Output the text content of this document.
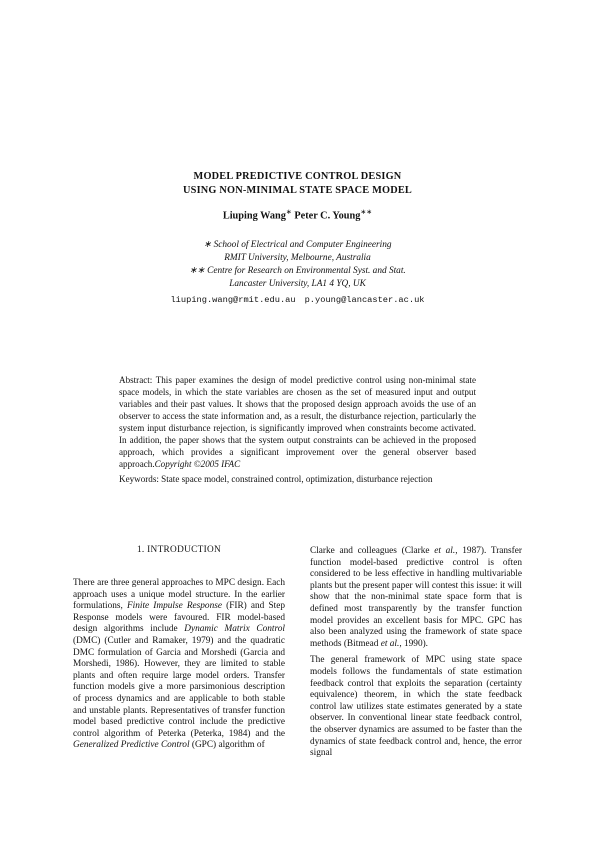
MODEL PREDICTIVE CONTROL DESIGN
USING NON-MINIMAL STATE SPACE MODEL
Liuping Wang∗ Peter C. Young∗∗
∗ School of Electrical and Computer Engineering
RMIT University, Melbourne, Australia
∗∗ Centre for Research on Environmental Syst. and Stat.
Lancaster University, LA1 4 YQ, UK
liuping.wang@rmit.edu.au p.young@lancaster.ac.uk
Abstract: This paper examines the design of model predictive control using non-minimal state space models, in which the state variables are chosen as the set of measured input and output variables and their past values. It shows that the proposed design approach avoids the use of an observer to access the state information and, as a result, the disturbance rejection, particularly the system input disturbance rejection, is significantly improved when constraints become activated. In addition, the paper shows that the system output constraints can be achieved in the proposed approach, which provides a significant improvement over the general observer based approach.Copyright ©2005 IFAC
Keywords: State space model, constrained control, optimization, disturbance rejection
1. INTRODUCTION

There are three general approaches to MPC design. Each approach uses a unique model structure. In the earlier formulations, Finite Impulse Response (FIR) and Step Response models were favoured. FIR model-based design algorithms include Dynamic Matrix Control (DMC) (Cutler and Ramaker, 1979) and the quadratic DMC formulation of Garcia and Morshedi (Garcia and Morshedi, 1986). However, they are limited to stable plants and often require large model orders. Transfer function models give a more parsimonious description of process dynamics and are applicable to both stable and unstable plants. Representatives of transfer function model based predictive control include the predictive control algorithm of Peterka (Peterka, 1984) and the Generalized Predictive Control (GPC) algorithm of

Clarke and colleagues (Clarke et al., 1987). Transfer function model-based predictive control is often considered to be less effective in handling multivariable plants but the present paper will contest this issue: it will show that the non-minimal state space form that is defined most transparently by the transfer function model provides an excellent basis for MPC. GPC has also been analyzed using the framework of state space methods (Bitmead et al., 1990).

The general framework of MPC using state space models follows the fundamentals of state estimation feedback control that exploits the separation (certainty equivalence) theorem, in which the state feedback control law utilizes state estimates generated by a state observer. In conventional linear state feedback control, the observer dynamics are assumed to be faster than the dynamics of state feedback control and, hence, the error signal
